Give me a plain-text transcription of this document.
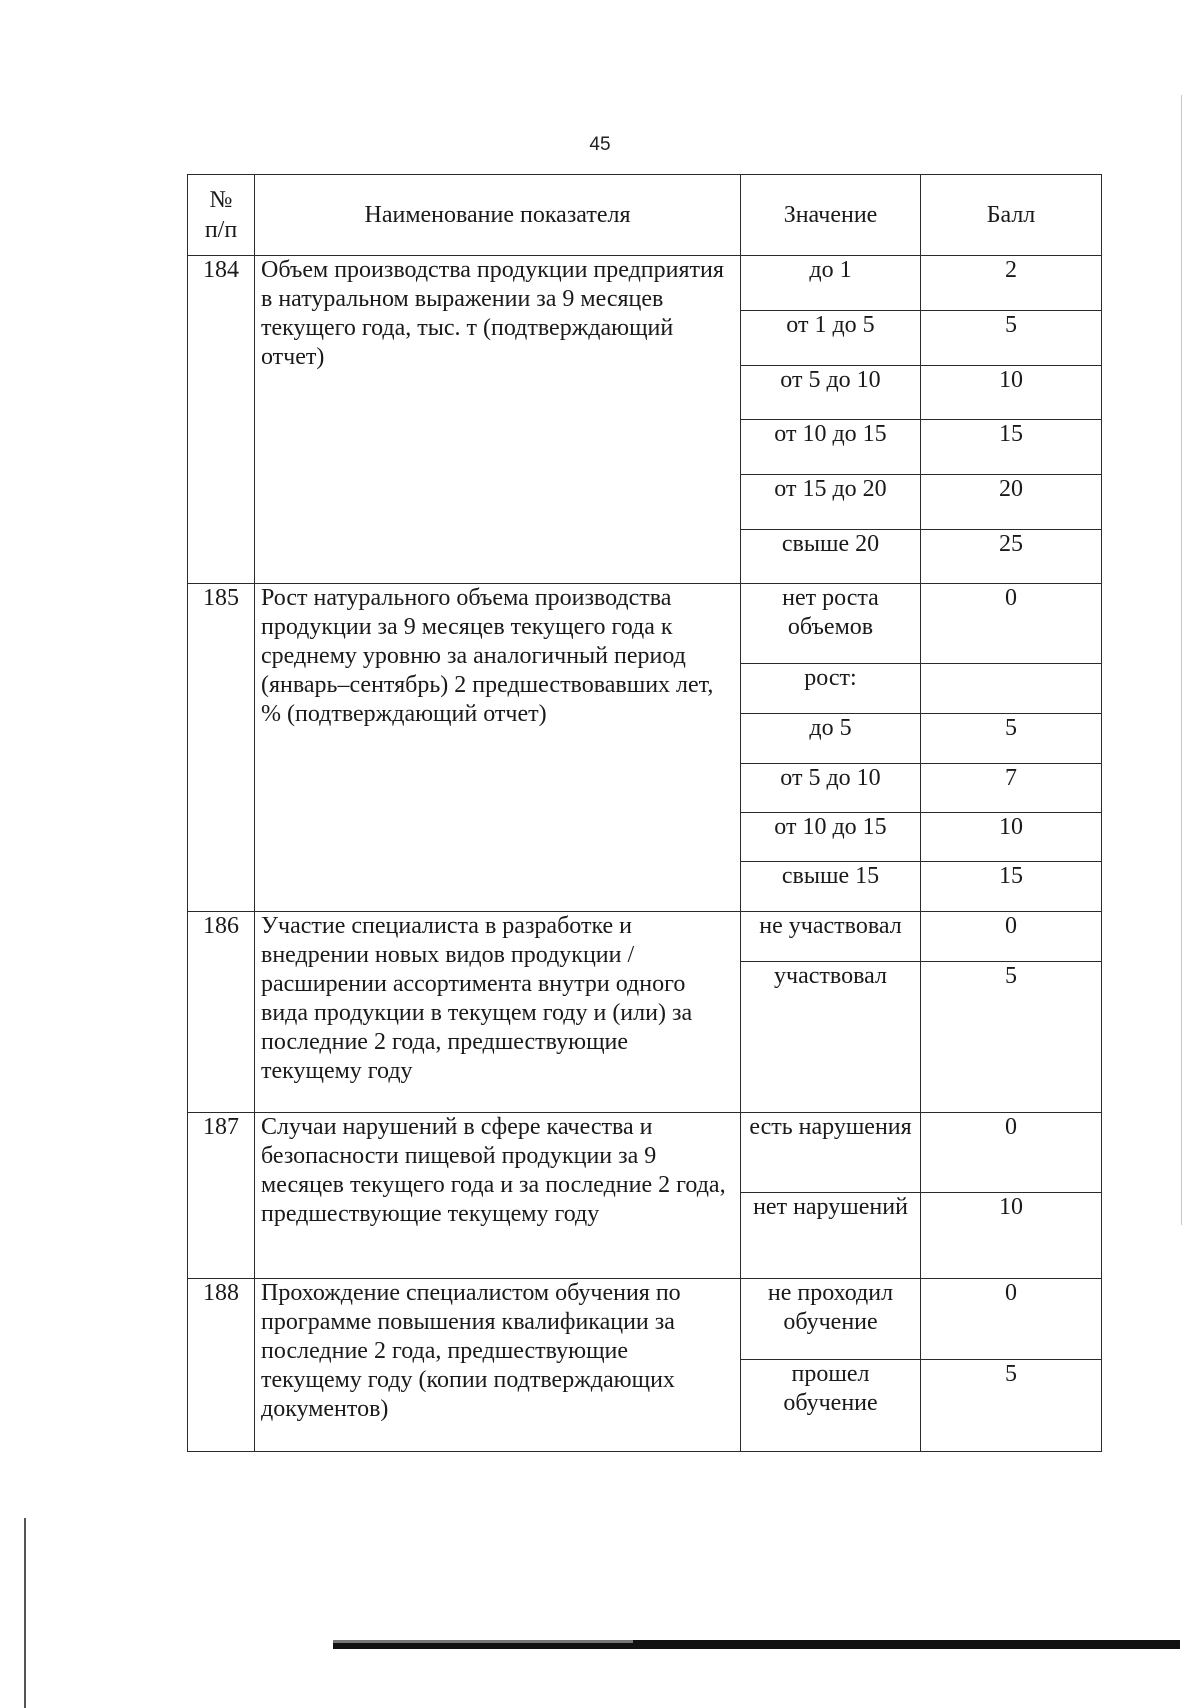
45
№
п/п	Наименование показателя	Значение	Балл
184	Объем производства продукции предприятия в натуральном выражении за 9 месяцев текущего года, тыс. т (подтверждающий отчет)	до 1	2
		от 1 до 5	5
		от 5 до 10	10
		от 10 до 15	15
		от 15 до 20	20
		свыше 20	25
185	Рост натурального объема производства продукции за 9 месяцев текущего года к среднему уровню за аналогичный период (январь–сентябрь) 2 предшествовавших лет, % (подтверждающий отчет)	нет роста объемов	0
		рост:	
		до 5	5
		от 5 до 10	7
		от 10 до 15	10
		свыше 15	15
186	Участие специалиста в разработке и внедрении новых видов продукции / расширении ассортимента внутри одного вида продукции в текущем году и (или) за последние 2 года, предшествующие текущему году	не участвовал	0
		участвовал	5
187	Случаи нарушений в сфере качества и безопасности пищевой продукции за 9 месяцев текущего года и за последние 2 года, предшествующие текущему году	есть нарушения	0
		нет нарушений	10
188	Прохождение специалистом обучения по программе повышения квалификации за последние 2 года, предшествующие текущему году (копии подтверждающих документов)	не проходил обучение	0
		прошел обучение	5
